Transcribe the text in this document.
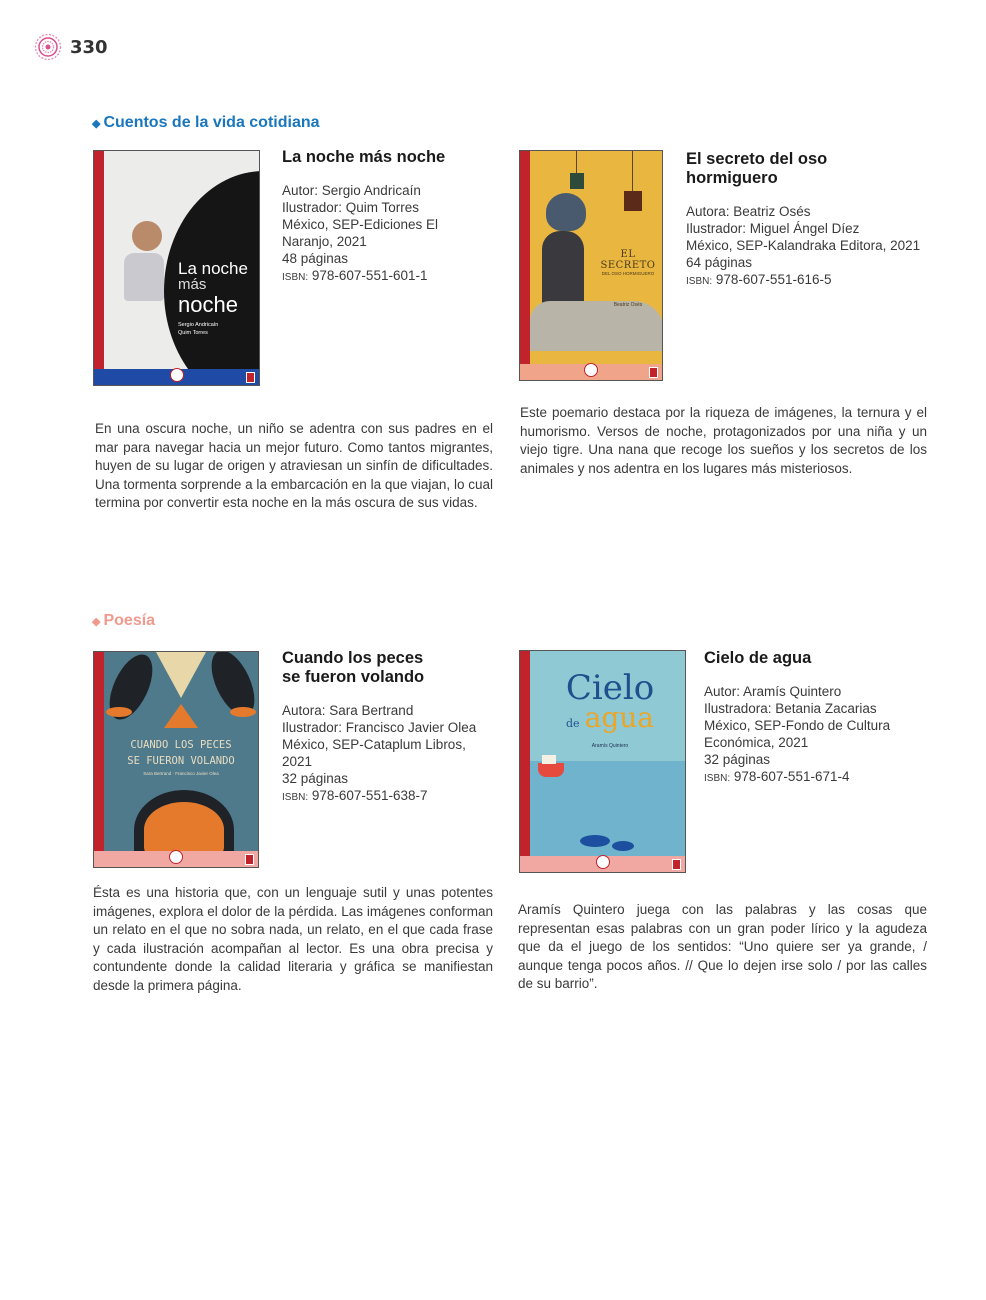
330
◆ Cuentos de la vida cotidiana
◆ Poesía
La noche
más
noche
Sergio Andricaín
Quim Torres
La noche más noche
Autor: Sergio Andricaín
Ilustrador: Quim Torres
México, SEP-Ediciones El Naranjo, 2021
48 páginas
ISBN: 978-607-551-601-1
En una oscura noche, un niño se adentra con sus padres en el mar para navegar hacia un mejor futuro. Como tantos migrantes, huyen de su lugar de origen y atraviesan un sinfín de dificultades. Una tormenta sorprende a la embarcación en la que viajan, lo cual termina por convertir esta noche en la más oscura de sus vidas.
EL SECRETO
DEL OSO HORMIGUERO
Beatriz Osés
El secreto del oso hormiguero
Autora: Beatriz Osés
Ilustrador: Miguel Ángel Díez
México, SEP-Kalandraka Editora, 2021
64 páginas
ISBN: 978-607-551-616-5
Este poemario destaca por la riqueza de imágenes, la ternura y el humorismo. Versos de noche, protagonizados por una niña y un viejo tigre. Una nana que recoge los sueños y los secretos de los animales y nos adentra en los lugares más misteriosos.
CUANDO LOS PECES
SE FUERON VOLANDO
Sara Bertrand · Francisco Javier Olea
Cuando los peces se fueron volando
Autora: Sara Bertrand
Ilustrador: Francisco Javier Olea
México, SEP-Cataplum Libros, 2021
32 páginas
ISBN: 978-607-551-638-7
Ésta es una historia que, con un lenguaje sutil y unas potentes imágenes, explora el dolor de la pérdida. Las imágenes conforman un relato en el que no sobra nada, un relato, en el que cada frase y cada ilustración acompañan al lector. Es una obra precisa y contundente donde la calidad literaria y gráfica se manifiestan desde la primera página.
Cielo
de agua
Aramís Quintero
Cielo de agua
Autor: Aramís Quintero
Ilustradora: Betania Zacarias
México, SEP-Fondo de Cultura Económica, 2021
32 páginas
ISBN: 978-607-551-671-4
Aramís Quintero juega con las palabras y las cosas que representan esas palabras con un gran poder lírico y la agudeza que da el juego de los sentidos: “Uno quiere ser ya grande, / aunque tenga pocos años. // Que lo dejen irse solo / por las calles de su barrio”.
